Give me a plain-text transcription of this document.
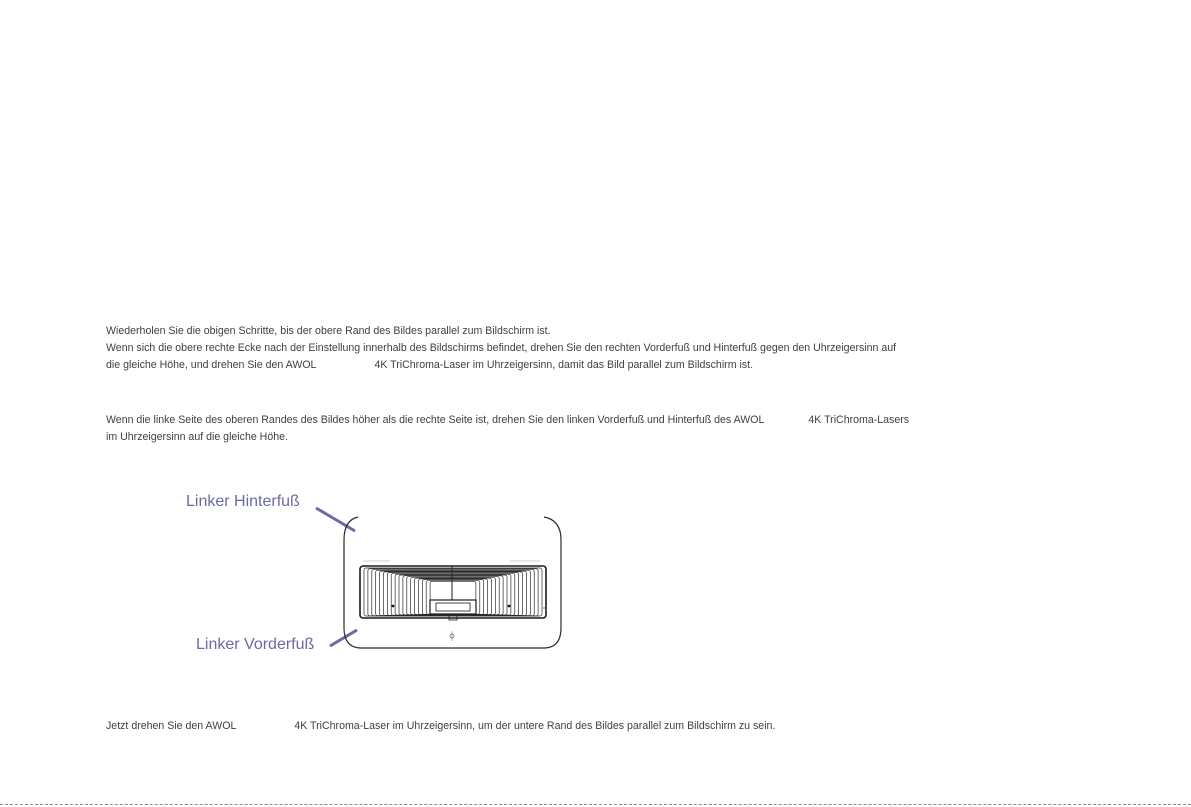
Wiederholen Sie die obigen Schritte, bis der obere Rand des Bildes parallel zum Bildschirm ist.
Wenn sich die obere rechte Ecke nach der Einstellung innerhalb des Bildschirms befindet, drehen Sie den rechten Vorderfuß und Hinterfuß gegen den Uhrzeigersinn auf
die gleiche Höhe, und drehen Sie den AWOL	4K TriChroma-Laser im Uhrzeigersinn, damit das Bild parallel zum Bildschirm ist.
Wenn die linke Seite des oberen Randes des Bildes höher als die rechte Seite ist, drehen Sie den linken Vorderfuß und Hinterfuß des AWOL	4K TriChroma-Lasers
im Uhrzeigersinn auf die gleiche Höhe.
Linker Hinterfuß
Linker Vorderfuß
Jetzt drehen Sie den AWOL	4K TriChroma-Laser im Uhrzeigersinn, um der untere Rand des Bildes parallel zum Bildschirm zu sein.
